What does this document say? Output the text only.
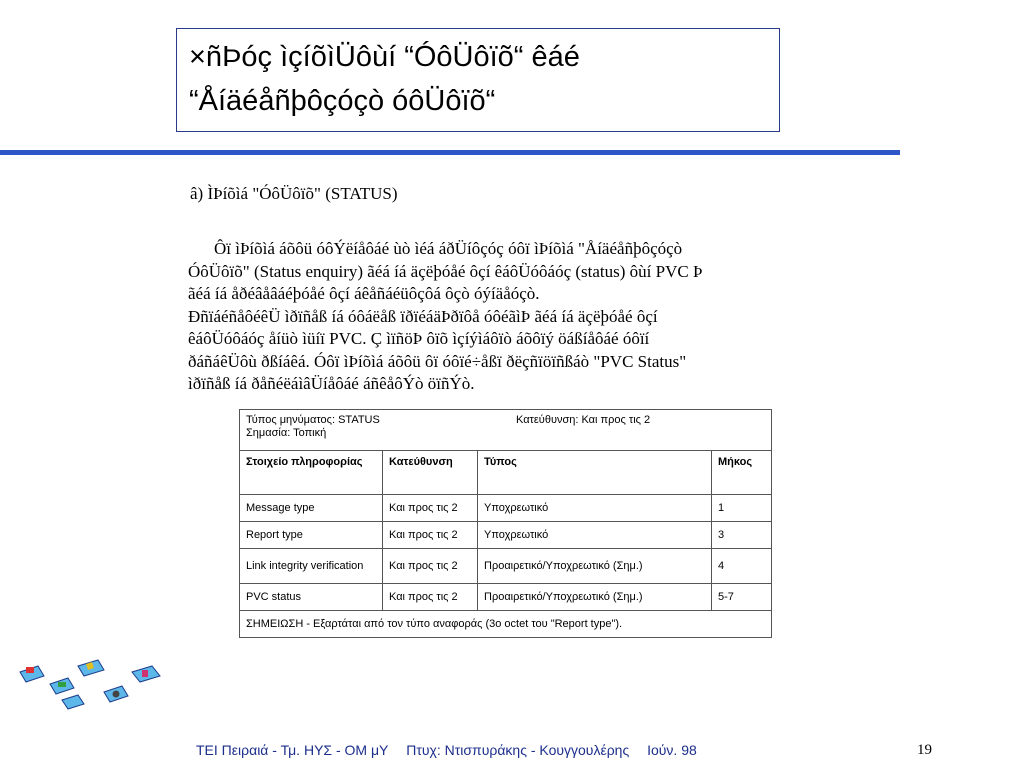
×ñÞóç ìçíõìÜôùí “ÓôÜôïõ“ êáé
“Åíäéåñþôçóçò óôÜôïõ“
â) ÌÞíõìá "ÓôÜôïõ" (STATUS)
Ôï ìÞíõìá áõôü óôÝëíåôáé ùò ìéá áðÜíôçóç óôï ìÞíõìá "Åíäéåñþôçóçò
ÓôÜôïõ" (Status enquiry) ãéá íá äçëþóåé ôçí êáôÜóôáóç (status) ôùí PVC Þ
ãéá íá åðéâåâáéþóåé ôçí áêåñáéüôçôá ôçò óýíäåóçò.
ÐñïáéñåôéêÜ ìðïñåß íá óôáëåß ïðïéáäÞðïôå óôéãìÞ ãéá íá äçëþóåé ôçí
êáôÜóôáóç åíüò ìüíï PVC. Ç ìïñöÞ ôïõ ìçíýìáôïò áõôïý öáßíåôáé óôïí
ðáñáêÜôù ðßíáêá. Óôï ìÞíõìá áõôü ôï óôïé÷åßï ðëçñïöïñßáò "PVC Status"
ìðïñåß íá ðåñéëáìâÜíåôáé áñêåôÝò öïñÝò.
Τύπος μηνύματος: STATUS Κατεύθυνση: Και προς τις 2
Σημασία: Τοπική			

Στοιχείο πληροφορίας	Κατεύθυνση	Τύπος	Μήκος
Message type	Και προς τις 2	Υποχρεωτικό	1
Report type	Και προς τις 2	Υποχρεωτικό	3
Link integrity verification	Και προς τις 2	Προαιρετικό/Υποχρεωτικό (Σημ.)	4
PVC status	Και προς τις 2	Προαιρετικό/Υποχρεωτικό (Σημ.)	5-7
ΣΗΜΕΙΩΣΗ - Εξαρτάται από τον τύπο αναφοράς (3ο octet του "Report type").			
ΤΕΙ Πειραιά - Τμ. ΗΥΣ - ΟΜ μΥ Πτυχ: Ντισπυράκης - Κουγγουλέρης Ιούν. 98	19
